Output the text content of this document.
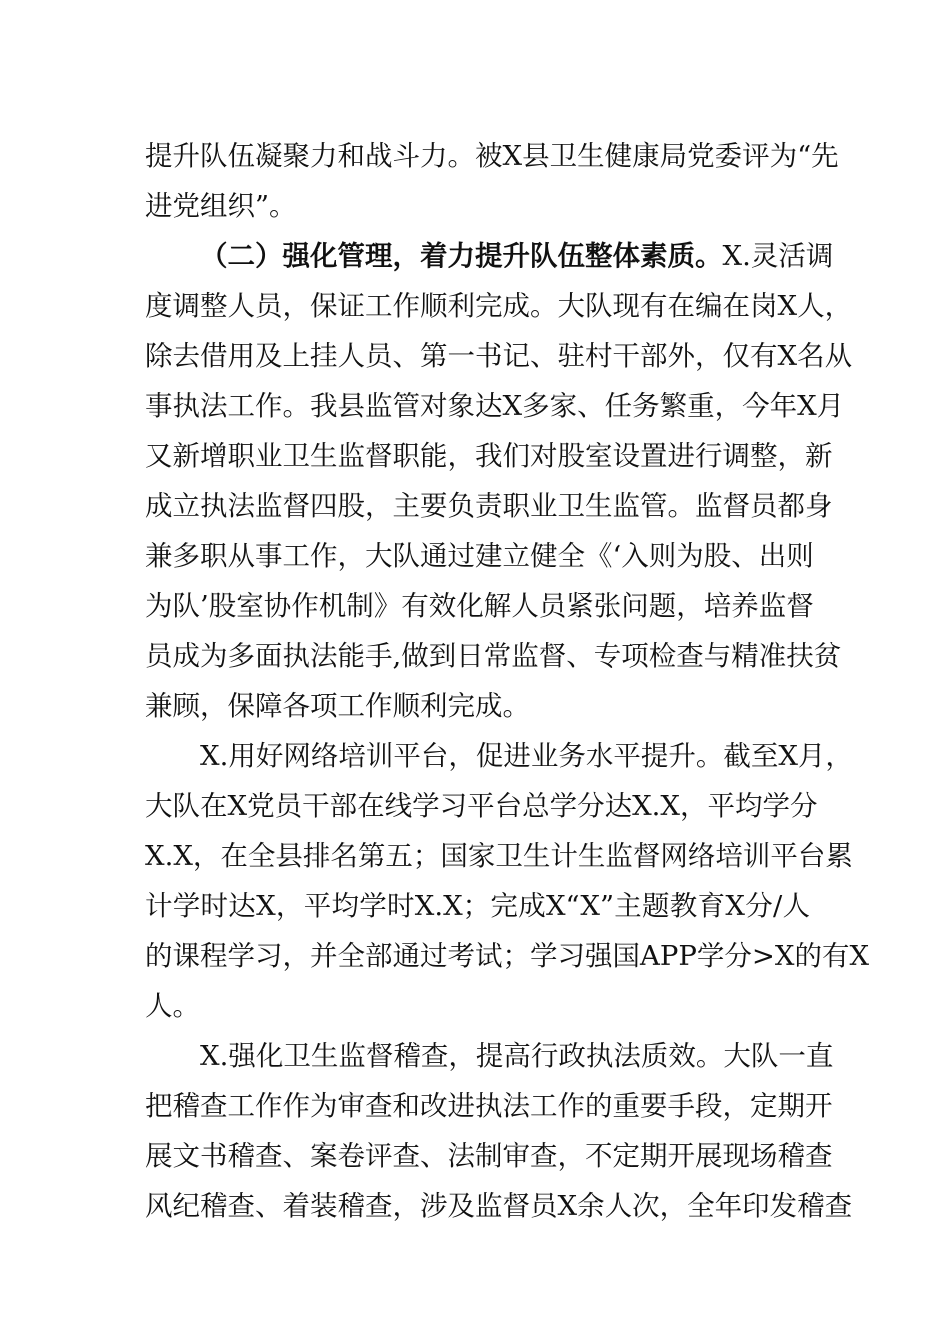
提升队伍凝聚力和战斗力。被X县卫生健康局党委评为“先
进党组织”。
（二）强化管理，着力提升队伍整体素质。X.灵活调
度调整人员，保证工作顺利完成。大队现有在编在岗X人，
除去借用及上挂人员、第一书记、驻村干部外，仅有X名从
事执法工作。我县监管对象达X多家、任务繁重，今年X月
又新增职业卫生监督职能，我们对股室设置进行调整，新
成立执法监督四股，主要负责职业卫生监管。监督员都身
兼多职从事工作，大队通过建立健全《‘入则为股、出则
为队’股室协作机制》有效化解人员紧张问题，培养监督
员成为多面执法能手,做到日常监督、专项检查与精准扶贫
兼顾，保障各项工作顺利完成。
X.用好网络培训平台，促进业务水平提升。截至X月，
大队在X党员干部在线学习平台总学分达X.X，平均学分
X.X，在全县排名第五；国家卫生计生监督网络培训平台累
计学时达X，平均学时X.X；完成X“X”主题教育X分/人
的课程学习，并全部通过考试；学习强国APP学分>X的有X
人。
X.强化卫生监督稽查，提高行政执法质效。大队一直
把稽查工作作为审查和改进执法工作的重要手段，定期开
展文书稽查、案卷评查、法制审查，不定期开展现场稽查
风纪稽查、着装稽查，涉及监督员X余人次，全年印发稽查
